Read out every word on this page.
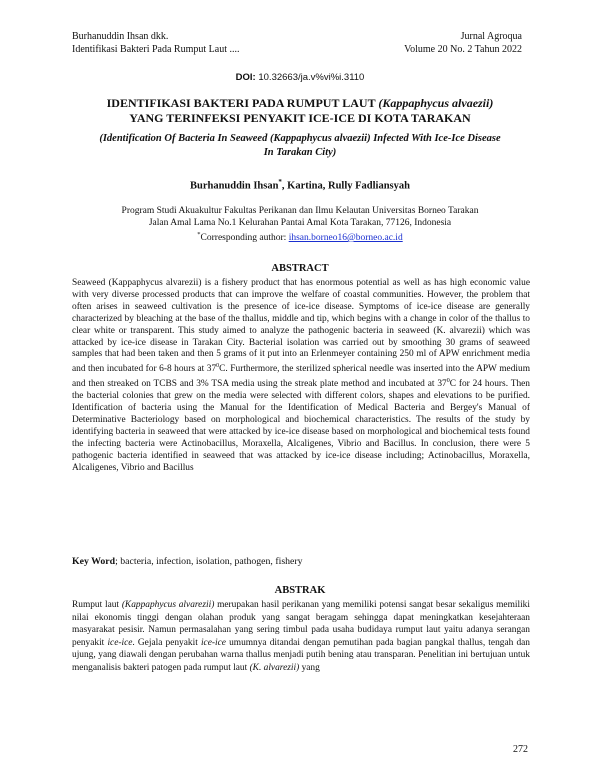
Burhanuddin Ihsan dkk.
Identifikasi Bakteri Pada Rumput Laut ....
Jurnal Agroqua
Volume 20 No. 2 Tahun 2022
DOI: 10.32663/ja.v%vi%i.3110
IDENTIFIKASI BAKTERI PADA RUMPUT LAUT (Kappaphycus alvaezii)
YANG TERINFEKSI PENYAKIT ICE-ICE DI KOTA TARAKAN
(Identification Of Bacteria In Seaweed (Kappaphycus alvaezii) Infected With Ice-Ice Disease
In Tarakan City)
Burhanuddin Ihsan*, Kartina, Rully Fadliansyah
Program Studi Akuakultur Fakultas Perikanan dan Ilmu Kelautan Universitas Borneo Tarakan
Jalan Amal Lama No.1 Kelurahan Pantai Amal Kota Tarakan, 77126, Indonesia
*Corresponding author: ihsan.borneo16@borneo.ac.id
ABSTRACT
Seaweed (Kappaphycus alvarezii) is a fishery product that has enormous potential as well as has high economic value with very diverse processed products that can improve the welfare of coastal communities. However, the problem that often arises in seaweed cultivation is the presence of ice-ice disease. Symptoms of ice-ice disease are generally characterized by bleaching at the base of the thallus, middle and tip, which begins with a change in color of the thallus to clear white or transparent. This study aimed to analyze the pathogenic bacteria in seaweed (K. alvarezii) which was attacked by ice-ice disease in Tarakan City. Bacterial isolation was carried out by smoothing 30 grams of seaweed samples that had been taken and then 5 grams of it put into an Erlenmeyer containing 250 ml of APW enrichment media and then incubated for 6-8 hours at $37^0C$. Furthermore, the sterilized spherical needle was inserted into the APW medium and then streaked on TCBS and 3% TSA media using the streak plate method and incubated at $37^0C$ for 24 hours. Then the bacterial colonies that grew on the media were selected with different colors, shapes and elevations to be purified. Identification of bacteria using the Manual for the Identification of Medical Bacteria and Bergey's Manual of Determinative Bacteriology based on morphological and biochemical characteristics. The results of the study by identifying bacteria in seaweed that were attacked by ice-ice disease based on morphological and biochemical tests found the infecting bacteria were Actinobacillus, Moraxella, Alcaligenes, Vibrio and Bacillus. In conclusion, there were 5 pathogenic bacteria identified in seaweed that was attacked by ice-ice disease including; Actinobacillus, Moraxella, Alcaligenes, Vibrio and Bacillus
Key Word; bacteria, infection, isolation, pathogen, fishery
ABSTRAK
Rumput laut (Kappaphycus alvarezii) merupakan hasil perikanan yang memiliki potensi sangat besar sekaligus memiliki nilai ekonomis tinggi dengan olahan produk yang sangat beragam sehingga dapat meningkatkan kesejahteraan masyarakat pesisir. Namun permasalahan yang sering timbul pada usaha budidaya rumput laut yaitu adanya serangan penyakit ice-ice. Gejala penyakit ice-ice umumnya ditandai dengan pemutihan pada bagian pangkal thallus, tengah dan ujung, yang diawali dengan perubahan warna thallus menjadi putih bening atau transparan. Penelitian ini bertujuan untuk menganalisis bakteri patogen pada rumput laut (K. alvarezii) yang
272
